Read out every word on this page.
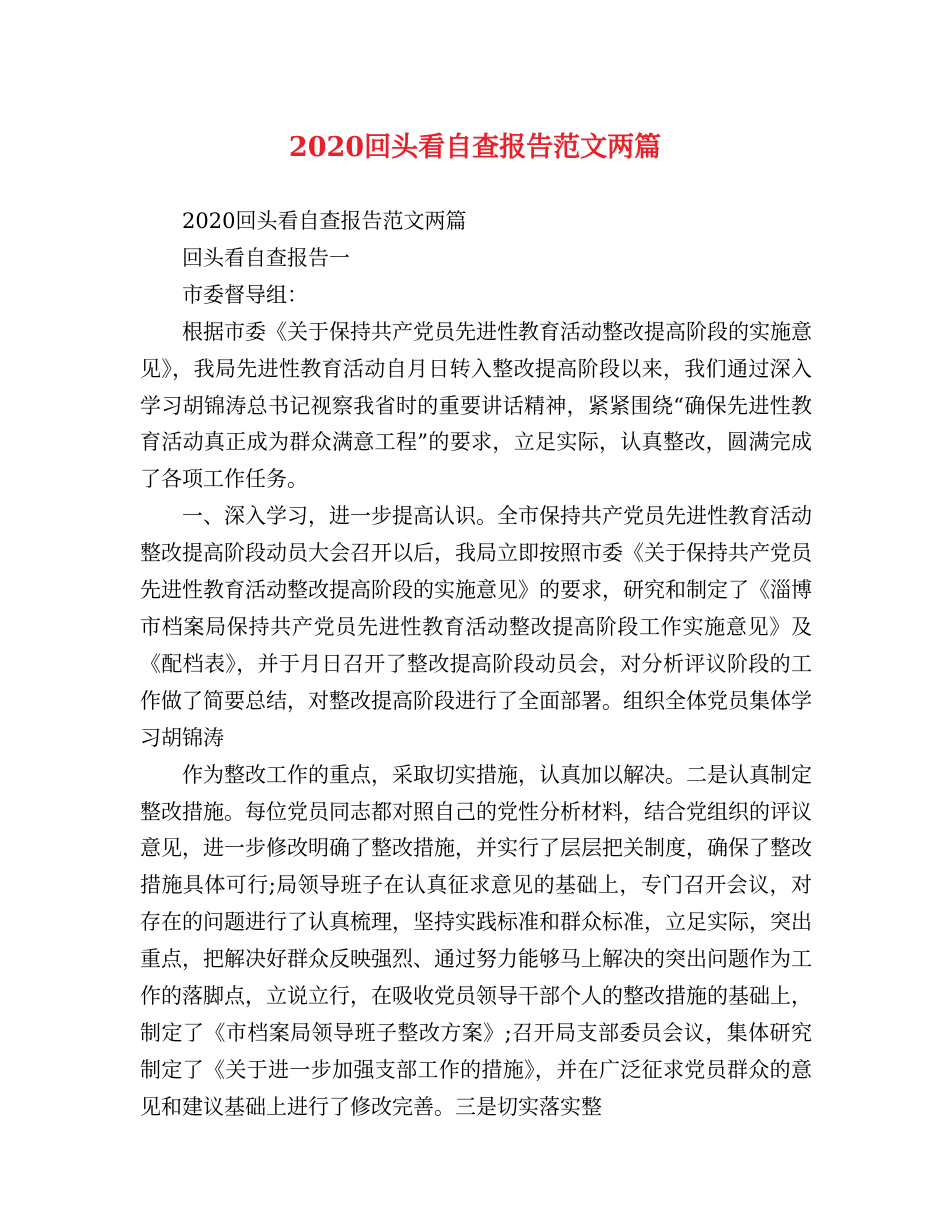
2020回头看自查报告范文两篇

2020回头看自查报告范文两篇

回头看自查报告一

市委督导组：

根据市委《关于保持共产党员先进性教育活动整改提高阶段的实施意见》，我局先进性教育活动自月日转入整改提高阶段以来，我们通过深入学习胡锦涛总书记视察我省时的重要讲话精神，紧紧围绕“确保先进性教育活动真正成为群众满意工程”的要求，立足实际，认真整改，圆满完成了各项工作任务。

一、深入学习，进一步提高认识。全市保持共产党员先进性教育活动整改提高阶段动员大会召开以后，我局立即按照市委《关于保持共产党员先进性教育活动整改提高阶段的实施意见》的要求，研究和制定了《淄博市档案局保持共产党员先进性教育活动整改提高阶段工作实施意见》及《配档表》，并于月日召开了整改提高阶段动员会，对分析评议阶段的工作做了简要总结，对整改提高阶段进行了全面部署。组织全体党员集体学习胡锦涛

作为整改工作的重点，采取切实措施，认真加以解决。二是认真制定整改措施。每位党员同志都对照自己的党性分析材料，结合党组织的评议意见，进一步修改明确了整改措施，并实行了层层把关制度，确保了整改措施具体可行;局领导班子在认真征求意见的基础上，专门召开会议，对存在的问题进行了认真梳理，坚持实践标准和群众标准，立足实际，突出重点，把解决好群众反映强烈、通过努力能够马上解决的突出问题作为工作的落脚点，立说立行，在吸收党员领导干部个人的整改措施的基础上，制定了《市档案局领导班子整改方案》;召开局支部委员会议，集体研究制定了《关于进一步加强支部工作的措施》，并在广泛征求党员群众的意见和建议基础上进行了修改完善。三是切实落实整
